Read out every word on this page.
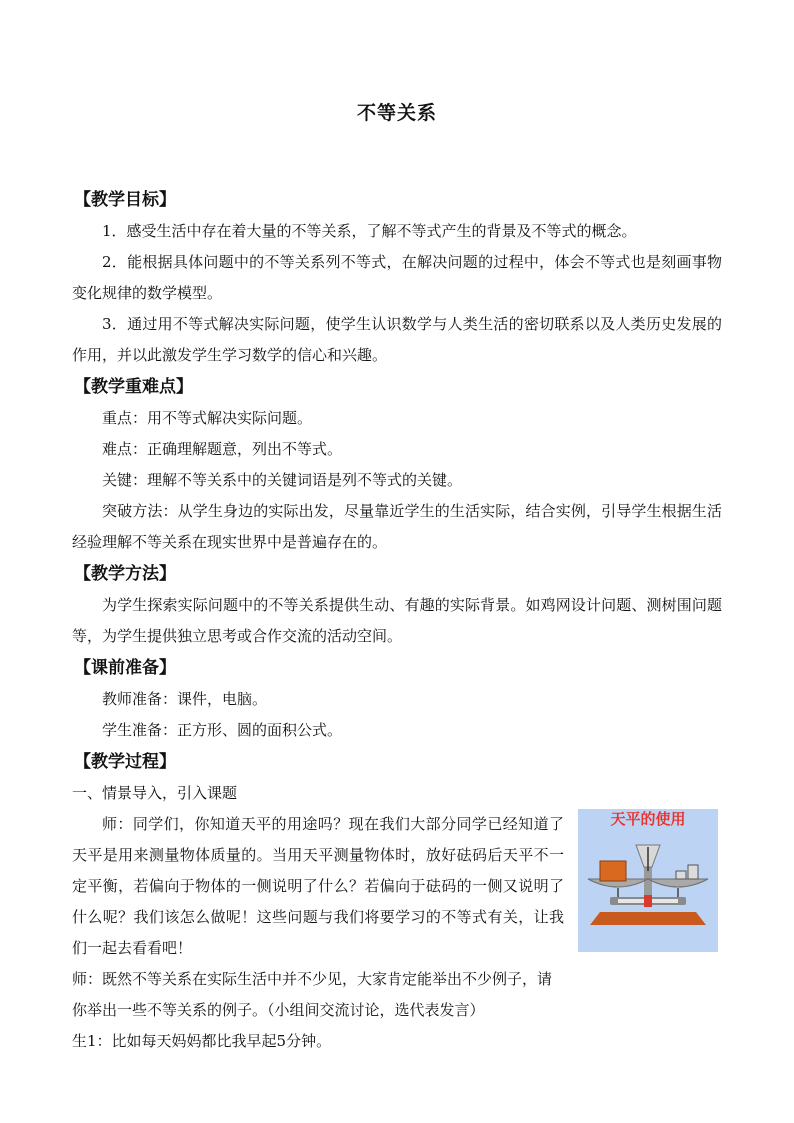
不等关系
【教学目标】
1．感受生活中存在着大量的不等关系，了解不等式产生的背景及不等式的概念。
2．能根据具体问题中的不等关系列不等式，在解决问题的过程中，体会不等式也是刻画事物变化规律的数学模型。
3．通过用不等式解决实际问题，使学生认识数学与人类生活的密切联系以及人类历史发展的作用，并以此激发学生学习数学的信心和兴趣。
【教学重难点】
重点：用不等式解决实际问题。
难点：正确理解题意，列出不等式。
关键：理解不等关系中的关键词语是列不等式的关键。
突破方法：从学生身边的实际出发，尽量靠近学生的生活实际，结合实例，引导学生根据生活经验理解不等关系在现实世界中是普遍存在的。
【教学方法】
为学生探索实际问题中的不等关系提供生动、有趣的实际背景。如鸡网设计问题、测树围问题等，为学生提供独立思考或合作交流的活动空间。
【课前准备】
教师准备：课件，电脑。
学生准备：正方形、圆的面积公式。
【教学过程】
一、情景导入，引入课题
师：同学们，你知道天平的用途吗？现在我们大部分同学已经知道了天平是用来测量物体质量的。当用天平测量物体时，放好砝码后天平不一定平衡，若偏向于物体的一侧说明了什么？若偏向于砝码的一侧又说明了什么呢？我们该怎么做呢！这些问题与我们将要学习的不等式有关，让我们一起去看看吧！
师：既然不等关系在实际生活中并不少见，大家肯定能举出不少例子，请你举出一些不等关系的例子。（小组间交流讨论，选代表发言）
生1：比如每天妈妈都比我早起5分钟。
天平的使用
